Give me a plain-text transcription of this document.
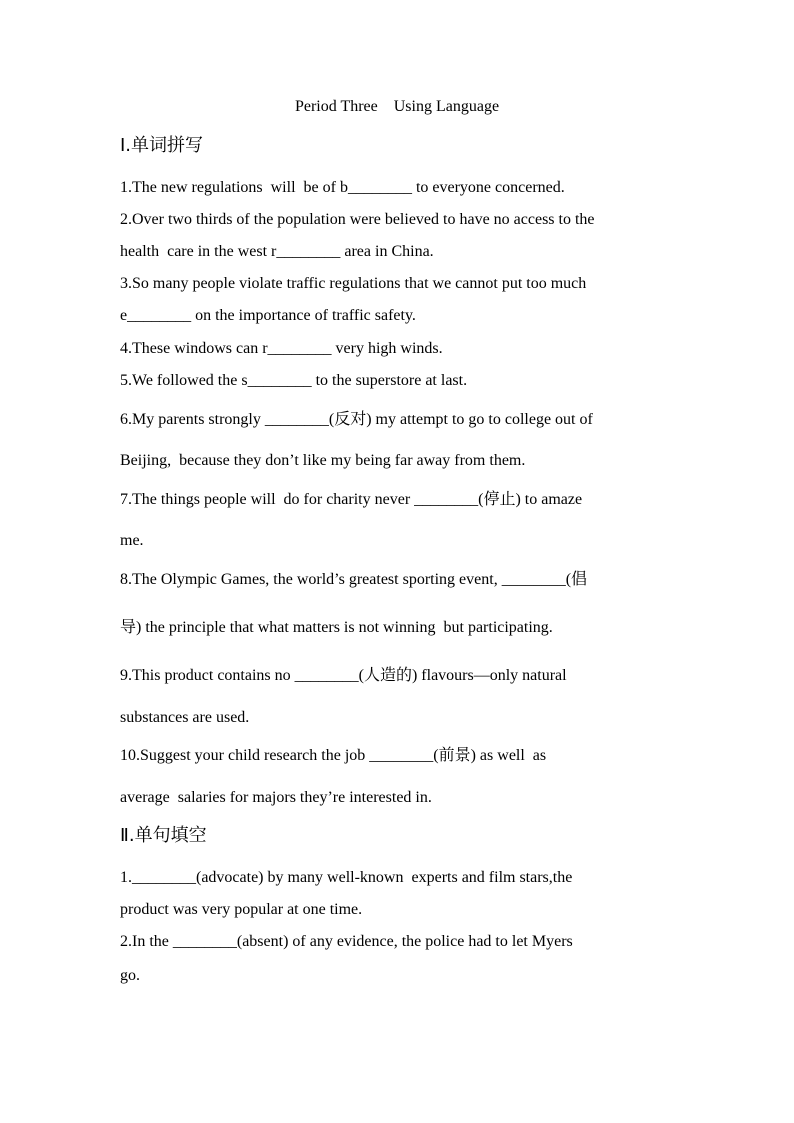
Period Three    Using Language
Ⅰ.单词拼写
1.The new regulations  will  be of b________ to everyone concerned.
2.Over two thirds of the population were believed to have no access to the
health  care in the west r________ area in China.
3.So many people violate traffic regulations that we cannot put too much
e________ on the importance of traffic safety.
4.These windows can r________ very high winds.
5.We followed the s________ to the superstore at last.
6.My parents strongly ________(反对) my attempt to go to college out of
Beijing,  because they don’t like my being far away from them.
7.The things people will  do for charity never ________(停止) to amaze
me.
8.The Olympic Games, the world’s greatest sporting event, ________(倡
导) the principle that what matters is not winning  but participating.
9.This product contains no ________(人造的) flavours—only natural
substances are used.
10.Suggest your child research the job ________(前景) as well  as
average  salaries for majors they’re interested in.
Ⅱ.单句填空
1.________(advocate) by many well-known  experts and film stars,the
product was very popular at one time.
2.In the ________(absent) of any evidence, the police had to let Myers
go.
